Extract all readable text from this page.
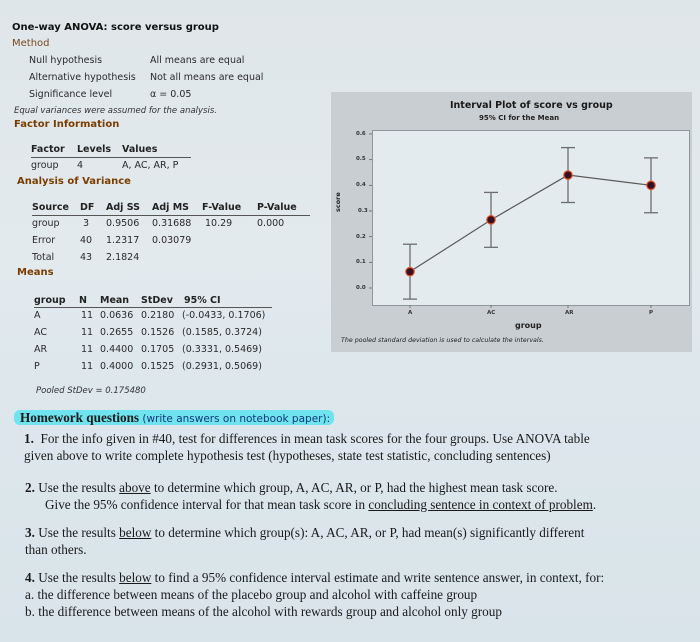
One-way ANOVA: score versus group
Method
Null hypothesis	All means are equal
Alternative hypothesis Not all means are equal
Significance level	α = 0.05
Equal variances were assumed for the analysis.
Factor Information
Factor Levels Values
group 4	A, AC, AR, P
Analysis of Variance
Source DF Adj SS Adj MS F-Value P-Value
group 3 0.9506 0.31688 10.29	0.000
Error	40 1.2317 0.03079
Total	43 2.1824
Means
group N Mean StDev 95% CI
A	11 0.0636 0.2180 (-0.0433, 0.1706)
AC	11 0.2655 0.1526 (0.1585, 0.3724)
AR	11 0.4400 0.1705 (0.3331, 0.5469)
P	11 0.4000 0.1525 (0.2931, 0.5069)
Pooled StDev = 0.175480
Interval Plot of score vs group
95% CI for the Mean
0.6
0.5
0.4
0.3
0.2
0.1
0.0
score
A	AC	AR	P
group
The pooled standard deviation is used to calculate the intervals.
Homework questions (write answers on notebook paper):
1. For the info given in #40, test for differences in mean task scores for the four groups. Use ANOVA table
given above to write complete hypothesis test (hypotheses, state test statistic, concluding sentences)
2. Use the results above to determine which group, A, AC, AR, or P, had the highest mean task score.
Give the 95% confidence interval for that mean task score in concluding sentence in context of problem.
3. Use the results below to determine which group(s): A, AC, AR, or P, had mean(s) significantly different
than others.
4. Use the results below to find a 95% confidence interval estimate and write sentence answer, in context, for:
a. the difference between means of the placebo group and alcohol with caffeine group
b. the difference between means of the alcohol with rewards group and alcohol only group
